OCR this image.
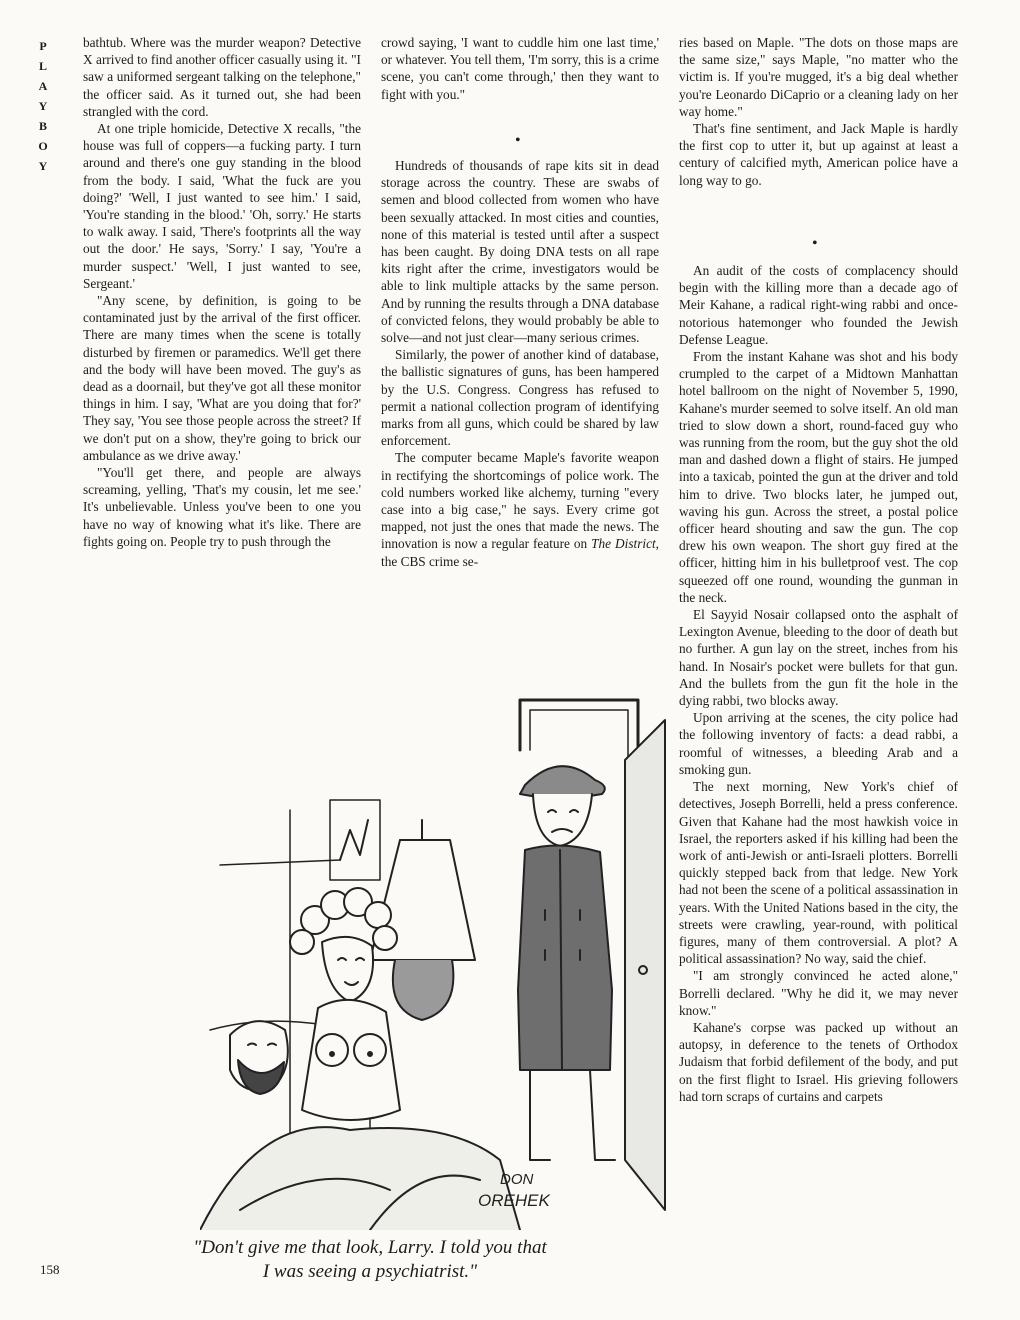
P
L
A
Y
B
O
Y

bathtub. Where was the murder weapon? Detective X arrived to find another officer casually using it. "I saw a uniformed sergeant talking on the telephone," the officer said. As it turned out, she had been strangled with the cord.

At one triple homicide, Detective X recalls, "the house was full of coppers—a fucking party. I turn around and there's one guy standing in the blood from the body. I said, 'What the fuck are you doing?' 'Well, I just wanted to see him.' I said, 'You're standing in the blood.' 'Oh, sorry.' He starts to walk away. I said, 'There's footprints all the way out the door.' He says, 'Sorry.' I say, 'You're a murder suspect.' 'Well, I just wanted to see, Sergeant.'

"Any scene, by definition, is going to be contaminated just by the arrival of the first officer. There are many times when the scene is totally disturbed by firemen or paramedics. We'll get there and the body will have been moved. The guy's as dead as a doornail, but they've got all these monitor things in him. I say, 'What are you doing that for?' They say, 'You see those people across the street? If we don't put on a show, they're going to brick our ambulance as we drive away.'

"You'll get there, and people are always screaming, yelling, 'That's my cousin, let me see.' It's unbelievable. Unless you've been to one you have no way of knowing what it's like. There are fights going on. People try to push through the

crowd saying, 'I want to cuddle him one last time,' or whatever. You tell them, 'I'm sorry, this is a crime scene, you can't come through,' then they want to fight with you."

•

Hundreds of thousands of rape kits sit in dead storage across the country. These are swabs of semen and blood collected from women who have been sexually attacked. In most cities and counties, none of this material is tested until after a suspect has been caught. By doing DNA tests on all rape kits right after the crime, investigators would be able to link multiple attacks by the same person. And by running the results through a DNA database of convicted felons, they would probably be able to solve—and not just clear—many serious crimes.

Similarly, the power of another kind of database, the ballistic signatures of guns, has been hampered by the U.S. Congress. Congress has refused to permit a national collection program of identifying marks from all guns, which could be shared by law enforcement.

The computer became Maple's favorite weapon in rectifying the shortcomings of police work. The cold numbers worked like alchemy, turning "every case into a big case," he says. Every crime got mapped, not just the ones that made the news. The innovation is now a regular feature on The District, the CBS crime se-

ries based on Maple. "The dots on those maps are the same size," says Maple, "no matter who the victim is. If you're mugged, it's a big deal whether you're Leonardo DiCaprio or a cleaning lady on her way home."

That's fine sentiment, and Jack Maple is hardly the first cop to utter it, but up against at least a century of calcified myth, American police have a long way to go.

•

An audit of the costs of complacency should begin with the killing more than a decade ago of Meir Kahane, a radical right-wing rabbi and once-notorious hatemonger who founded the Jewish Defense League.

From the instant Kahane was shot and his body crumpled to the carpet of a Midtown Manhattan hotel ballroom on the night of November 5, 1990, Kahane's murder seemed to solve itself. An old man tried to slow down a short, round-faced guy who was running from the room, but the guy shot the old man and dashed down a flight of stairs. He jumped into a taxicab, pointed the gun at the driver and told him to drive. Two blocks later, he jumped out, waving his gun. Across the street, a postal police officer heard shouting and saw the gun. The cop drew his own weapon. The short guy fired at the officer, hitting him in his bulletproof vest. The cop squeezed off one round, wounding the gunman in the neck.

El Sayyid Nosair collapsed onto the asphalt of Lexington Avenue, bleeding to the door of death but no further. A gun lay on the street, inches from his hand. In Nosair's pocket were bullets for that gun. And the bullets from the gun fit the hole in the dying rabbi, two blocks away.

Upon arriving at the scenes, the city police had the following inventory of facts: a dead rabbi, a roomful of witnesses, a bleeding Arab and a smoking gun.

The next morning, New York's chief of detectives, Joseph Borrelli, held a press conference. Given that Kahane had the most hawkish voice in Israel, the reporters asked if his killing had been the work of anti-Jewish or anti-Israeli plotters. Borrelli quickly stepped back from that ledge. New York had not been the scene of a political assassination in years. With the United Nations based in the city, the streets were crawling, year-round, with political figures, many of them controversial. A plot? A political assassination? No way, said the chief.

"I am strongly convinced he acted alone," Borrelli declared. "Why he did it, we may never know."

Kahane's corpse was packed up without an autopsy, in deference to the tenets of Orthodox Judaism that forbid defilement of the body, and put on the first flight to Israel. His grieving followers had torn scraps of curtains and carpets

DON
OREHEK
"Don't give me that look, Larry. I told you that
I was seeing a psychiatrist."
158
